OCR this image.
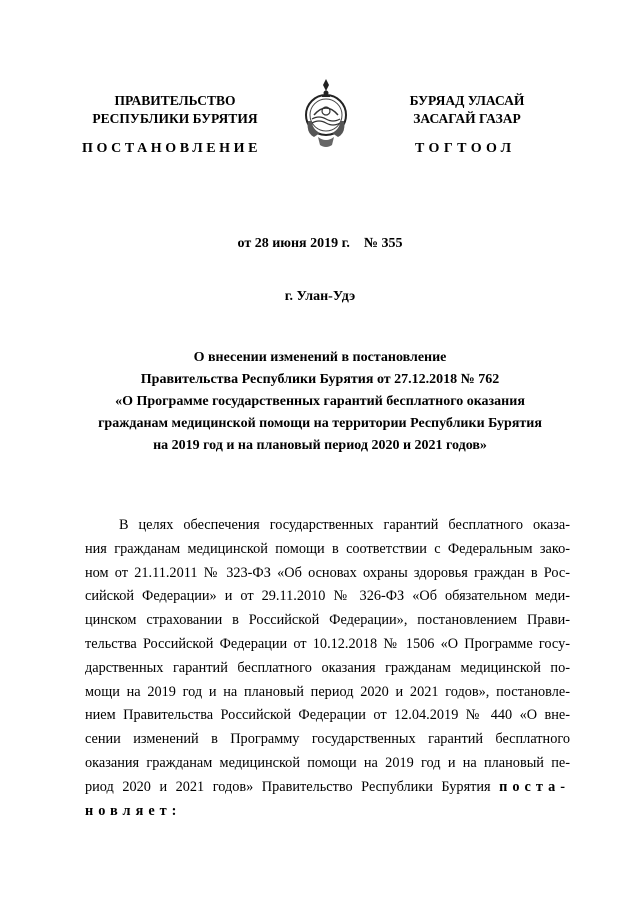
ПРАВИТЕЛЬСТВО
РЕСПУБЛИКИ БУРЯТИЯ
БУРЯАД УЛАСАЙ
ЗАСАГАЙ ГАЗАР
ПОСТАНОВЛЕНИЕ	ТОГТООЛ
от 28 июня 2019 г. № 355
г. Улан-Удэ
О внесении изменений в постановление
Правительства Республики Бурятия от 27.12.2018 № 762
«О Программе государственных гарантий бесплатного оказания
гражданам медицинской помощи на территории Республики Бурятия
на 2019 год и на плановый период 2020 и 2021 годов»
В целях обеспечения государственных гарантий бесплатного оказа-
ния гражданам медицинской помощи в соответствии с Федеральным зако-
ном от 21.11.2011 № 323-ФЗ «Об основах охраны здоровья граждан в Рос-
сийской Федерации» и от 29.11.2010 № 326-ФЗ «Об обязательном меди-
цинском страховании в Российской Федерации», постановлением Прави-
тельства Российской Федерации от 10.12.2018 № 1506 «О Программе госу-
дарственных гарантий бесплатного оказания гражданам медицинской по-
мощи на 2019 год и на плановый период 2020 и 2021 годов», постановле-
нием Правительства Российской Федерации от 12.04.2019 № 440 «О вне-
сении изменений в Программу государственных гарантий бесплатного
оказания гражданам медицинской помощи на 2019 год и на плановый пе-
риод 2020 и 2021 годов» Правительство Республики Бурятия поста-
новляет:
